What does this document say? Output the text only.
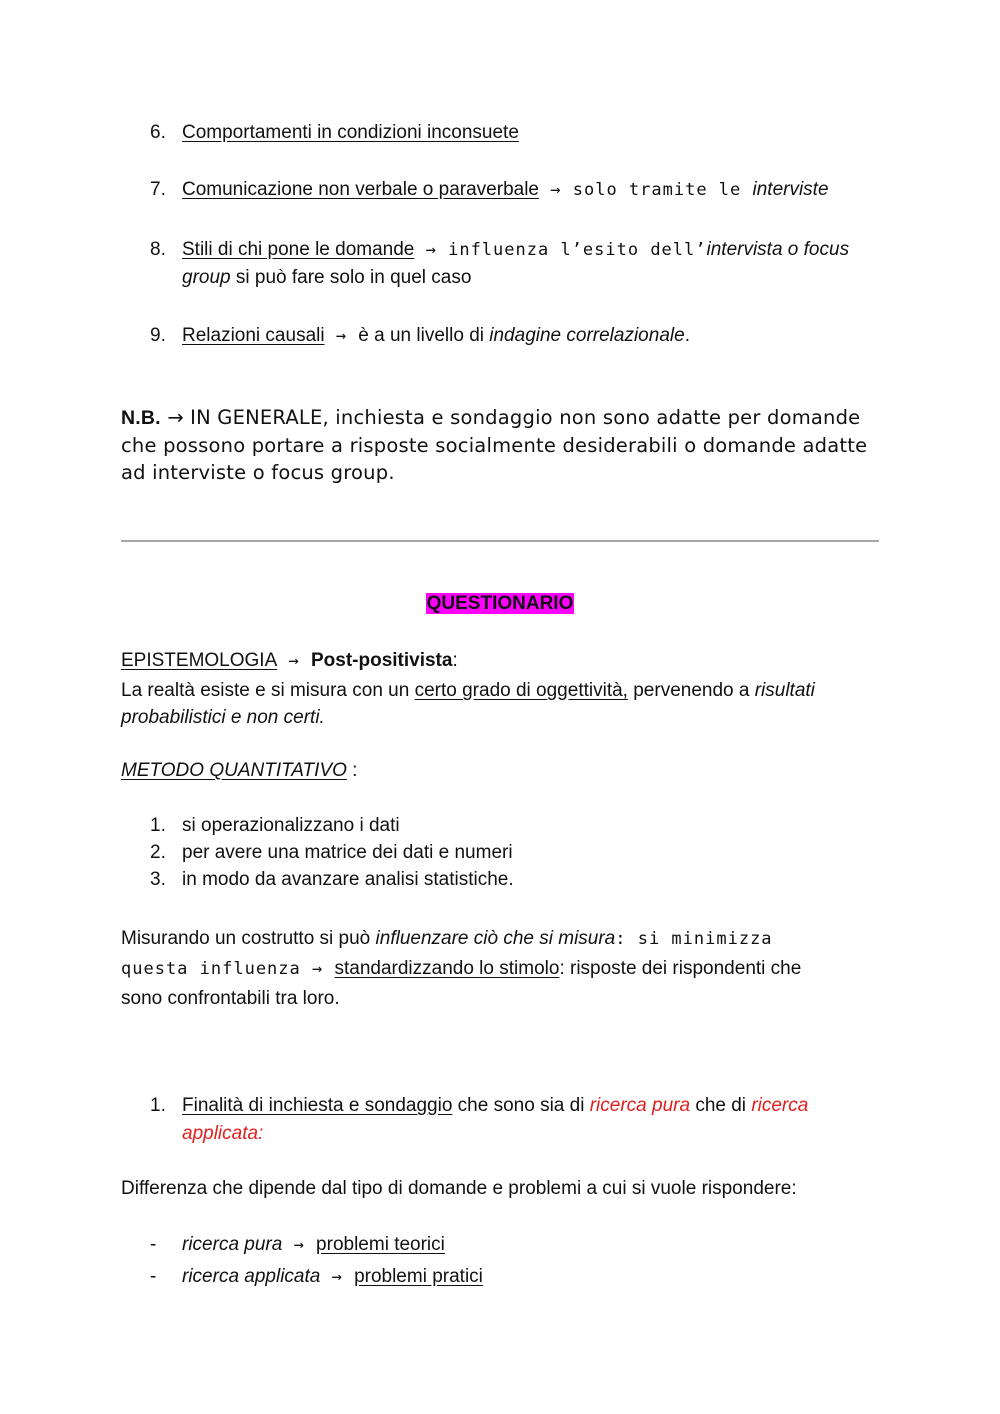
6. Comportamenti in condizioni inconsuete
7. Comunicazione non verbale o paraverbale → solo tramite le interviste
8. Stili di chi pone le domande → influenza l’esito dell’intervista o focus group si può fare solo in quel caso
9. Relazioni causali → è a un livello di indagine correlazionale.
N.B. → IN GENERALE, inchiesta e sondaggio non sono adatte per domande che possono portare a risposte socialmente desiderabili o domande adatte ad interviste o focus group.
QUESTIONARIO
EPISTEMOLOGIA → Post-positivista:
La realtà esiste e si misura con un certo grado di oggettività, pervenendo a risultati probabilistici e non certi.
METODO QUANTITATIVO :
1. si operazionalizzano i dati
2. per avere una matrice dei dati e numeri
3. in modo da avanzare analisi statistiche.
Misurando un costrutto si può influenzare ciò che si misura: si minimizza
questa influenza → standardizzando lo stimolo: risposte dei rispondenti che
sono confrontabili tra loro.
1. Finalità di inchiesta e sondaggio che sono sia di ricerca pura che di ricerca
applicata:
Differenza che dipende dal tipo di domande e problemi a cui si vuole rispondere:
- ricerca pura → problemi teorici
- ricerca applicata → problemi pratici
